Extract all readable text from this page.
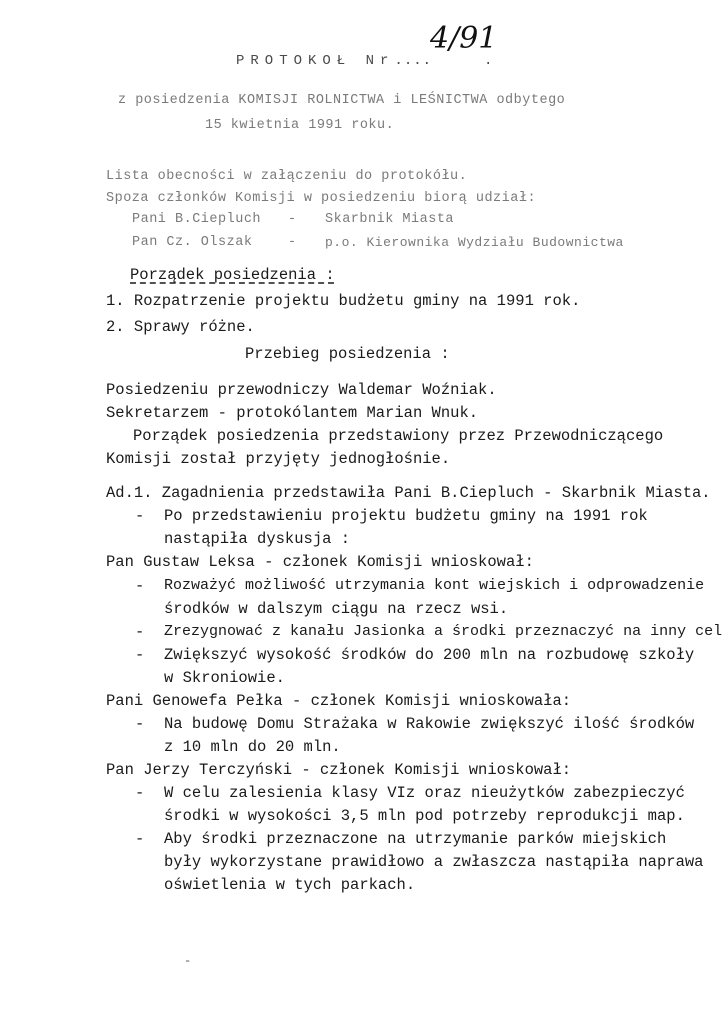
PROTOKOŁ Nr....
4/91
.
z posiedzenia KOMISJI ROLNICTWA i LEŚNICTWA odbytego
15 kwietnia 1991 roku.
Lista obecności w załączeniu do protokółu.
Spoza członków Komisji w posiedzeniu biorą udział:
Pani B.Ciepluch - Skarbnik Miasta
Pan Cz. Olszak	- p.o. Kierownika Wydziału Budownictwa
Porządek posiedzenia :
1. Rozpatrzenie projektu budżetu gminy na 1991 rok.
2. Sprawy różne.
Przebieg posiedzenia :
Posiedzeniu przewodniczy Waldemar Woźniak.
Sekretarzem - protokólantem Marian Wnuk.
Porządek posiedzenia przedstawiony przez Przewodniczącego
Komisji został przyjęty jednogłośnie.
Ad.1. Zagadnienia przedstawiła Pani B.Ciepluch - Skarbnik Miasta.
- Po przedstawieniu projektu budżetu gminy na 1991 rok
nastąpiła dyskusja :
Pan Gustaw Leksa - członek Komisji wnioskował:
- Rozważyć możliwość utrzymania kont wiejskich i odprowadzenie
środków w dalszym ciągu na rzecz wsi.
- Zrezygnować z kanału Jasionka a środki przeznaczyć na inny cel
- Zwiększyć wysokość środków do 200 mln na rozbudowę szkoły
w Skroniowie.
Pani Genowefa Pełka - członek Komisji wnioskowała:
- Na budowę Domu Strażaka w Rakowie zwiększyć ilość środków
z 10 mln do 20 mln.
Pan Jerzy Terczyński - członek Komisji wnioskował:
- W celu zalesienia klasy VIz oraz nieużytków zabezpieczyć
środki w wysokości 3,5 mln pod potrzeby reprodukcji map.
- Aby środki przeznaczone na utrzymanie parków miejskich
były wykorzystane prawidłowo a zwłaszcza nastąpiła naprawa
oświetlenia w tych parkach.
-
